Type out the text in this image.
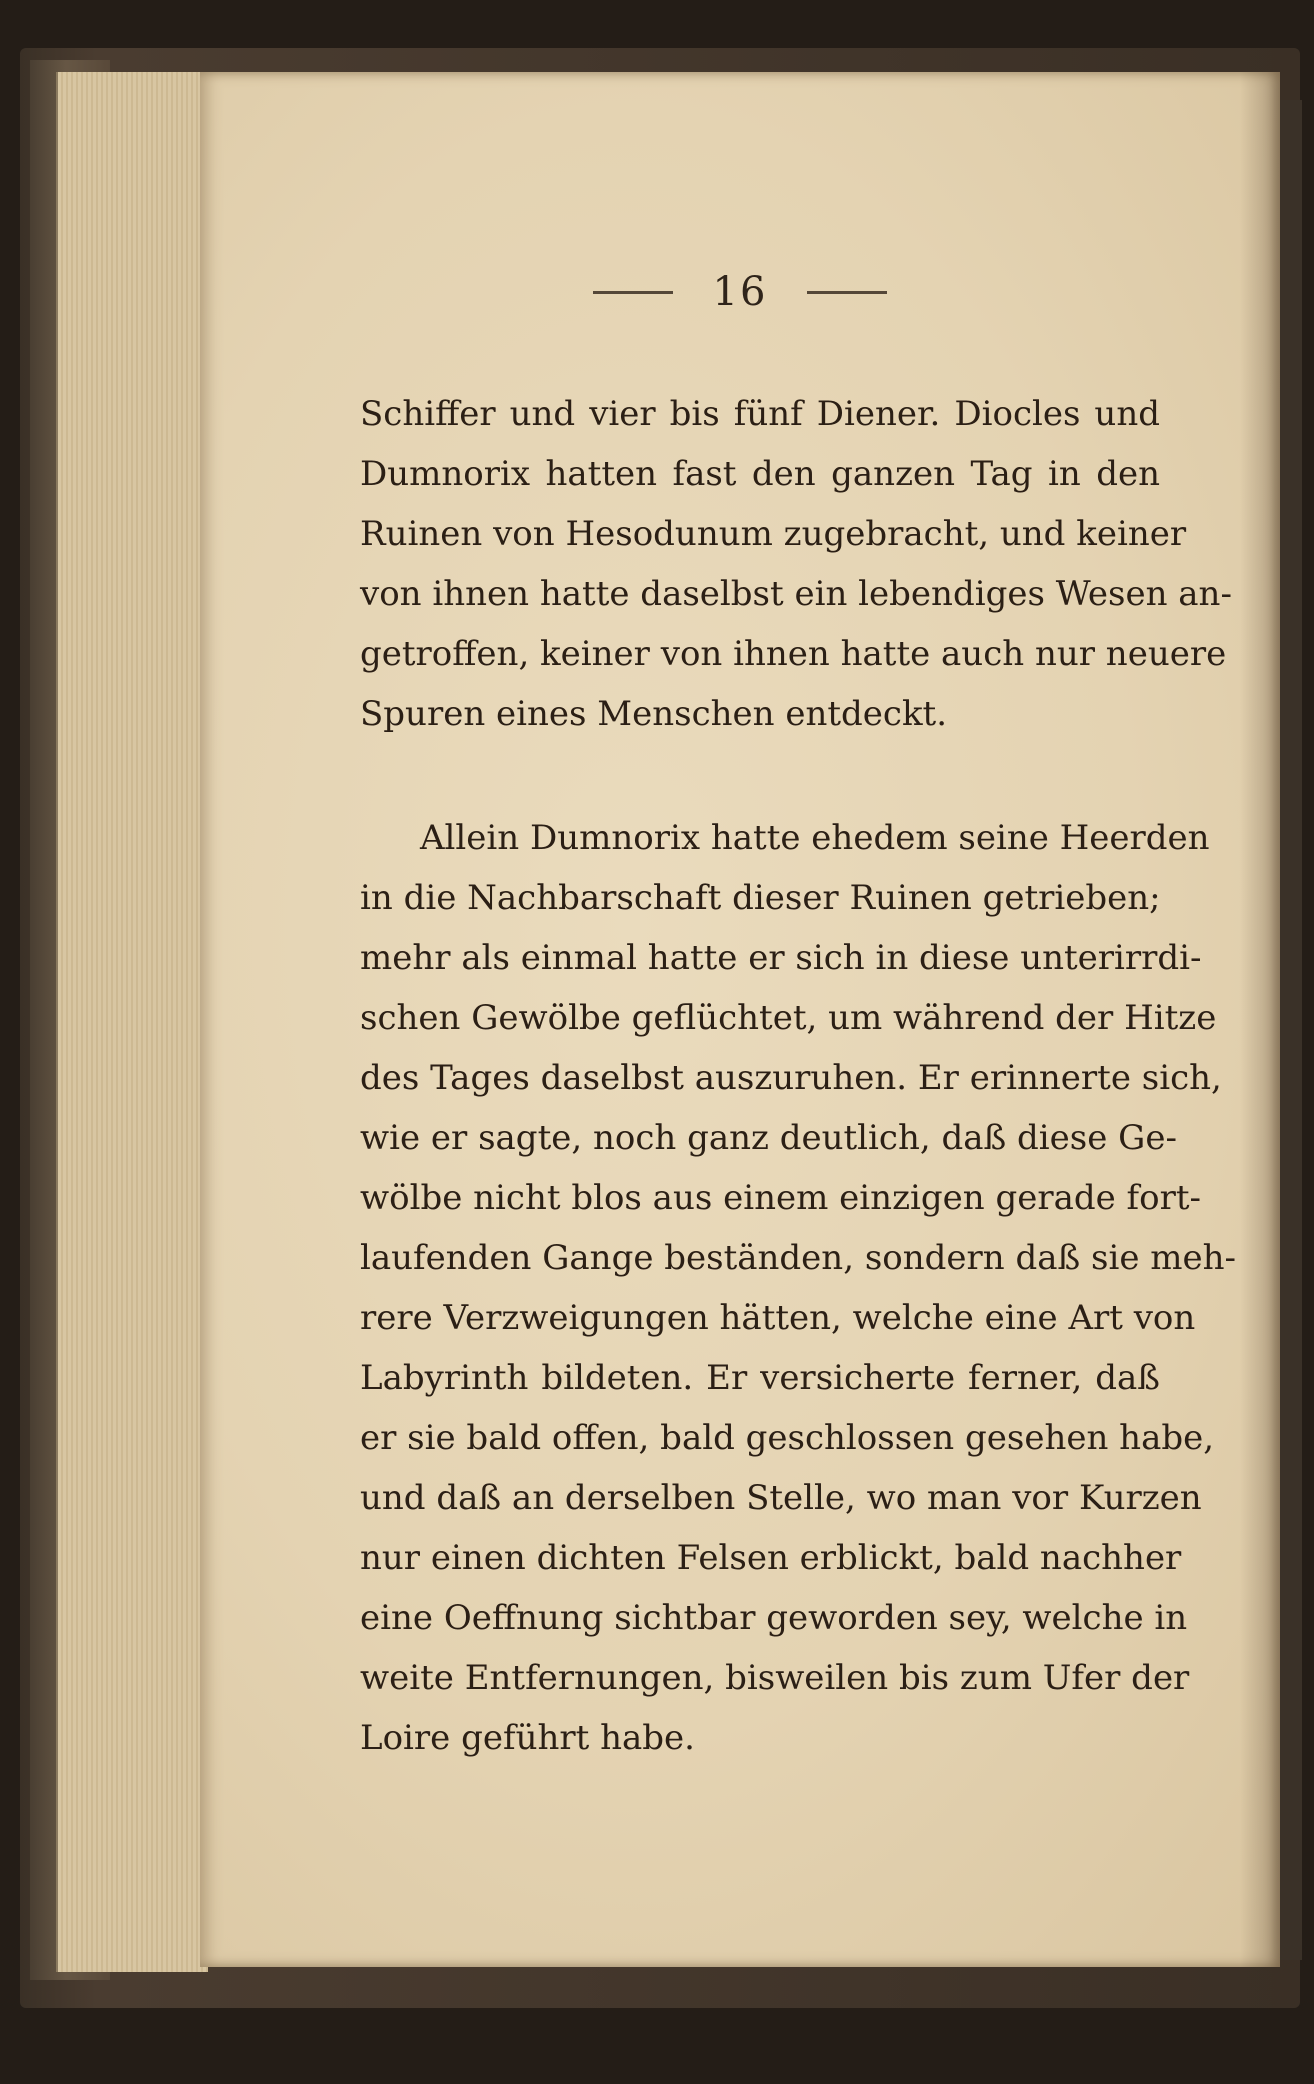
16

Schiffer und vier bis fünf Diener. Diocles und
Dumnorix hatten fast den ganzen Tag in den
Ruinen von Hesodunum zugebracht, und keiner
von ihnen hatte daselbst ein lebendiges Wesen an-
getroffen, keiner von ihnen hatte auch nur neuere
Spuren eines Menschen entdeckt.

Allein Dumnorix hatte ehedem seine Heerden
in die Nachbarschaft dieser Ruinen getrieben;
mehr als einmal hatte er sich in diese unterirrdi-
schen Gewölbe geflüchtet, um während der Hitze
des Tages daselbst auszuruhen. Er erinnerte sich,
wie er sagte, noch ganz deutlich, daß diese Ge-
wölbe nicht blos aus einem einzigen gerade fort-
laufenden Gange beständen, sondern daß sie meh-
rere Verzweigungen hätten, welche eine Art von
Labyrinth bildeten. Er versicherte ferner, daß
er sie bald offen, bald geschlossen gesehen habe,
und daß an derselben Stelle, wo man vor Kurzen
nur einen dichten Felsen erblickt, bald nachher
eine Oeffnung sichtbar geworden sey, welche in
weite Entfernungen, bisweilen bis zum Ufer der
Loire geführt habe.
